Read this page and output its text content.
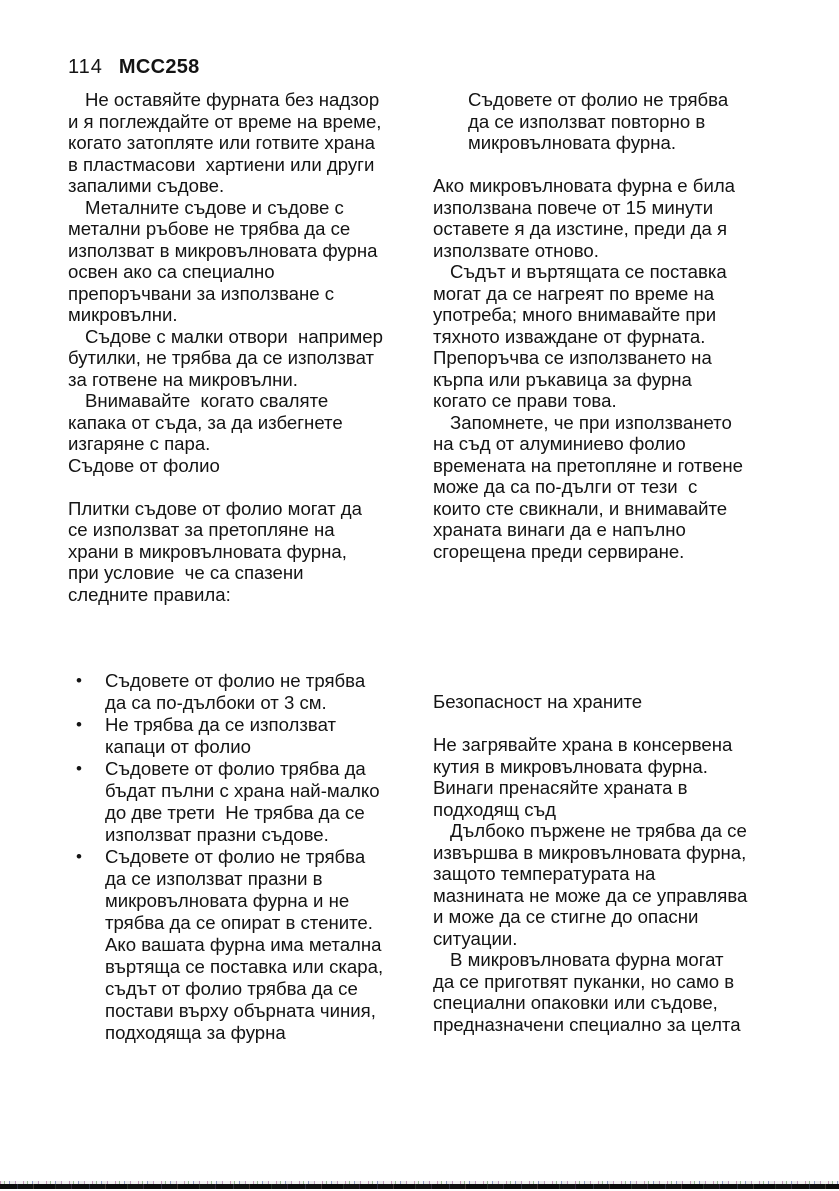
114 MCC258
Не оставяйте фурната без надзор
и я поглеждайте от време на време,
когато затопляте или готвите храна
в пластмасови  хартиени или други
запалими съдове.
Металните съдове и съдове с
метални ръбове не трябва да се
използват в микровълновата фурна
освен ако са специално
препоръчвани за използване с
микровълни.
Съдове с малки отвори  например
бутилки, не трябва да се използват
за готвене на микровълни.
Внимавайте  когато сваляте
капака от съда, за да избегнете
изгаряне с пара.
Съдове от фолио
Плитки съдове от фолио могат да
се използват за претопляне на
храни в микровълновата фурна,
при условие  че са спазени
следните правила:
•	Съдовете от фолио не трябва
да са по-дълбоки от 3 см.
•	Не трябва да се използват
капаци от фолио
•	Съдовете от фолио трябва да
бъдат пълни с храна най-малко
до две трети  Не трябва да се
използват празни съдове.
•	Съдовете от фолио не трябва
да се използват празни в
микровълновата фурна и не
трябва да се опират в стените.
Ако вашата фурна има метална
въртяща се поставка или скара,
съдът от фолио трябва да се
постави върху обърната чиния,
подходяща за фурна
Съдовете от фолио не трябва
да се използват повторно в
микровълновата фурна.
Ако микровълновата фурна е била
използвана повече от 15 минути
оставете я да изстине, преди да я
използвате отново.
Съдът и въртящата се поставка
могат да се нагреят по време на
употреба; много внимавайте при
тяхното изваждане от фурната.
Препоръчва се използването на
кърпа или ръкавица за фурна
когато се прави това.
Запомнете, че при използването
на съд от алуминиево фолио
времената на претопляне и готвене
може да са по-дълги от тези  с
които сте свикнали, и внимавайте
храната винаги да е напълно
сгорещена преди сервиране.
Безопасност на храните
Не загрявайте храна в консервена
кутия в микровълновата фурна.
Винаги пренасяйте храната в
подходящ съд
Дълбоко пържене не трябва да се
извършва в микровълновата фурна,
защото температурата на
мазнината не може да се управлява
и може да се стигне до опасни
ситуации.
В микровълновата фурна могат
да се приготвят пуканки, но само в
специални опаковки или съдове,
предназначени специално за целта
